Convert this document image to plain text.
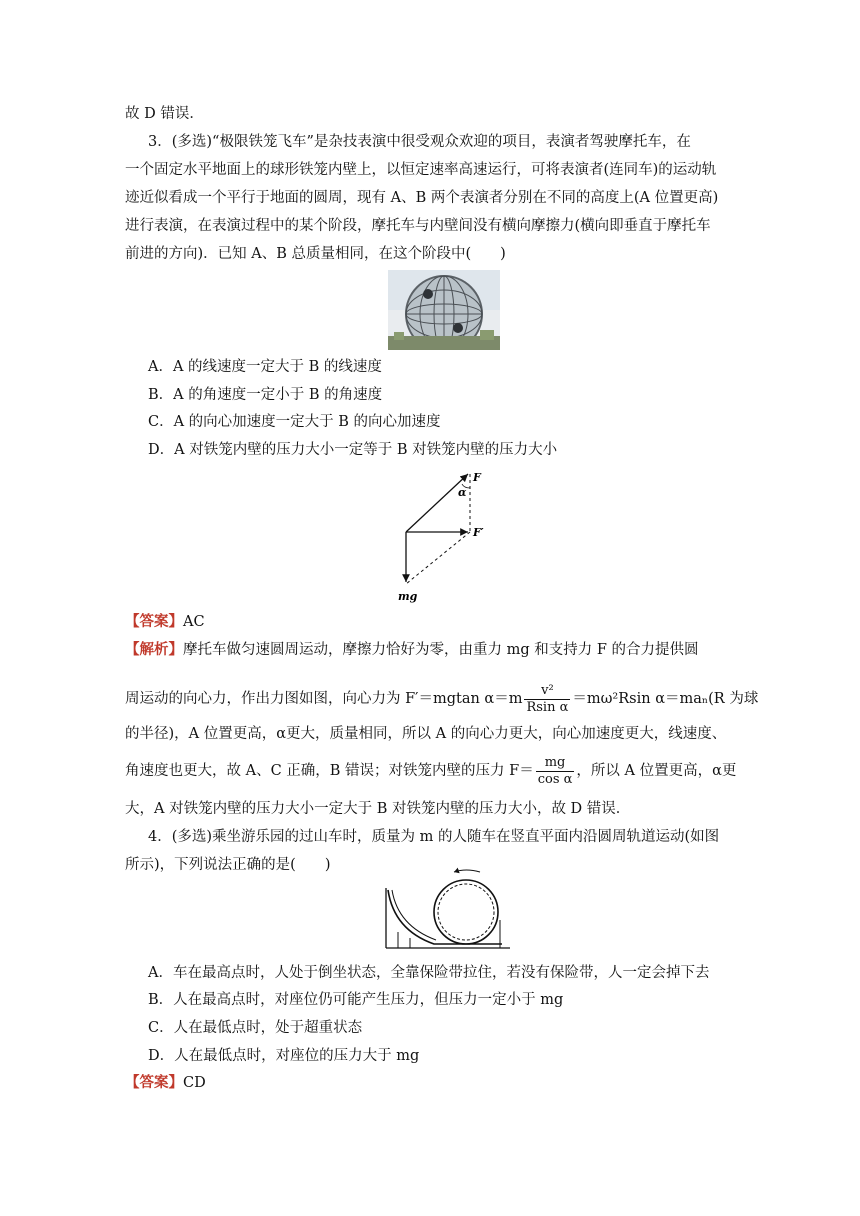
故 D 错误．
3．(多选)“极限铁笼飞车”是杂技表演中很受观众欢迎的项目，表演者驾驶摩托车，在
一个固定水平地面上的球形铁笼内壁上，以恒定速率高速运行，可将表演者(连同车)的运动轨
迹近似看成一个平行于地面的圆周，现有 A、B 两个表演者分别在不同的高度上(A 位置更高)
进行表演，在表演过程中的某个阶段，摩托车与内壁间没有横向摩擦力(横向即垂直于摩托车
前进的方向)．已知 A、B 总质量相同，在这个阶段中(　　)
A．A 的线速度一定大于 B 的线速度
B．A 的角速度一定小于 B 的角速度
C．A 的向心加速度一定大于 B 的向心加速度
D．A 对铁笼内壁的压力大小一定等于 B 对铁笼内壁的压力大小
F
α
F′
mg
【答案】AC
【解析】摩托车做匀速圆周运动，摩擦力恰好为零，由重力 mg 和支持力 F 的合力提供圆
周运动的向心力，作出力图如图，向心力为 F′＝mgtan $\alpha=m \frac{\text{v²}}{\text{Rsin α}} =m\omega^2Rsin$ α＝maₙ(R 为球
的半径)，A 位置更高，α更大，质量相同，所以 A 的向心力更大，向心加速度更大，线速度、
角速度也更大，故 A、C 正确，B 错误；对铁笼内壁的压力 $F= \frac{mg}{\text{cos α}}$ ，所以 A 位置更高，α更
大，A 对铁笼内壁的压力大小一定大于 B 对铁笼内壁的压力大小，故 D 错误．
4．(多选)乘坐游乐园的过山车时，质量为 m 的人随车在竖直平面内沿圆周轨道运动(如图
所示)，下列说法正确的是(　　)
A．车在最高点时，人处于倒坐状态，全靠保险带拉住，若没有保险带，人一定会掉下去
B．人在最高点时，对座位仍可能产生压力，但压力一定小于 mg
C．人在最低点时，处于超重状态
D．人在最低点时，对座位的压力大于 mg
【答案】CD
